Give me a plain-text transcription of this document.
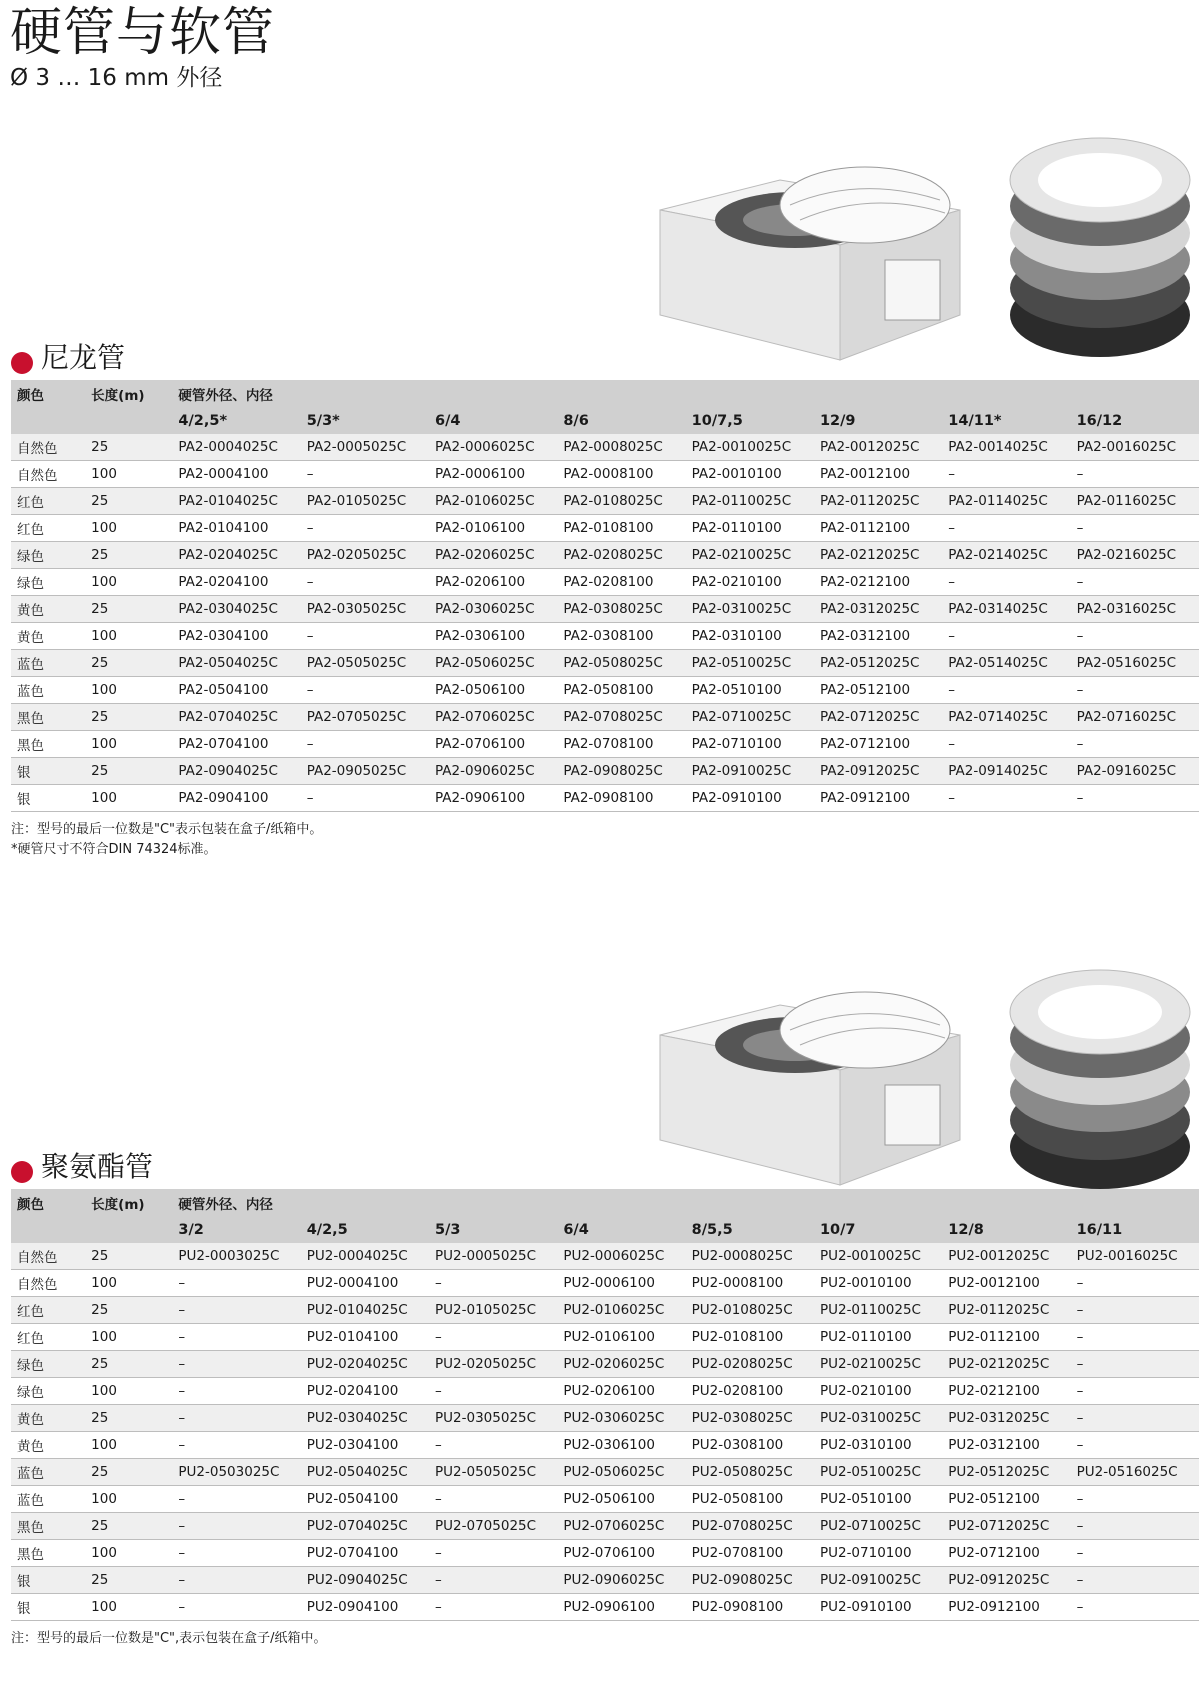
硬管与软管
Ø 3 … 16 mm 外径
尼龙管
颜色	长度(m)	硬管外径、内径							
		4/2,5*	5/3*	6/4	8/6	10/7,5	12/9	14/11*	16/12
自然色	25	PA2-0004025C	PA2-0005025C	PA2-0006025C	PA2-0008025C	PA2-0010025C	PA2-0012025C	PA2-0014025C	PA2-0016025C
自然色	100	PA2-0004100	–	PA2-0006100	PA2-0008100	PA2-0010100	PA2-0012100	–	–
红色	25	PA2-0104025C	PA2-0105025C	PA2-0106025C	PA2-0108025C	PA2-0110025C	PA2-0112025C	PA2-0114025C	PA2-0116025C
红色	100	PA2-0104100	–	PA2-0106100	PA2-0108100	PA2-0110100	PA2-0112100	–	–
绿色	25	PA2-0204025C	PA2-0205025C	PA2-0206025C	PA2-0208025C	PA2-0210025C	PA2-0212025C	PA2-0214025C	PA2-0216025C
绿色	100	PA2-0204100	–	PA2-0206100	PA2-0208100	PA2-0210100	PA2-0212100	–	–
黄色	25	PA2-0304025C	PA2-0305025C	PA2-0306025C	PA2-0308025C	PA2-0310025C	PA2-0312025C	PA2-0314025C	PA2-0316025C
黄色	100	PA2-0304100	–	PA2-0306100	PA2-0308100	PA2-0310100	PA2-0312100	–	–
蓝色	25	PA2-0504025C	PA2-0505025C	PA2-0506025C	PA2-0508025C	PA2-0510025C	PA2-0512025C	PA2-0514025C	PA2-0516025C
蓝色	100	PA2-0504100	–	PA2-0506100	PA2-0508100	PA2-0510100	PA2-0512100	–	–
黑色	25	PA2-0704025C	PA2-0705025C	PA2-0706025C	PA2-0708025C	PA2-0710025C	PA2-0712025C	PA2-0714025C	PA2-0716025C
黑色	100	PA2-0704100	–	PA2-0706100	PA2-0708100	PA2-0710100	PA2-0712100	–	–
银	25	PA2-0904025C	PA2-0905025C	PA2-0906025C	PA2-0908025C	PA2-0910025C	PA2-0912025C	PA2-0914025C	PA2-0916025C
银	100	PA2-0904100	–	PA2-0906100	PA2-0908100	PA2-0910100	PA2-0912100	–	–
注：型号的最后一位数是"C"表示包装在盒子/纸箱中。
*硬管尺寸不符合DIN 74324标准。
聚氨酯管
颜色	长度(m)	硬管外径、内径							
		3/2	4/2,5	5/3	6/4	8/5,5	10/7	12/8	16/11
自然色	25	PU2-0003025C	PU2-0004025C	PU2-0005025C	PU2-0006025C	PU2-0008025C	PU2-0010025C	PU2-0012025C	PU2-0016025C
自然色	100	–	PU2-0004100	–	PU2-0006100	PU2-0008100	PU2-0010100	PU2-0012100	–
红色	25	–	PU2-0104025C	PU2-0105025C	PU2-0106025C	PU2-0108025C	PU2-0110025C	PU2-0112025C	–
红色	100	–	PU2-0104100	–	PU2-0106100	PU2-0108100	PU2-0110100	PU2-0112100	–
绿色	25	–	PU2-0204025C	PU2-0205025C	PU2-0206025C	PU2-0208025C	PU2-0210025C	PU2-0212025C	–
绿色	100	–	PU2-0204100	–	PU2-0206100	PU2-0208100	PU2-0210100	PU2-0212100	–
黄色	25	–	PU2-0304025C	PU2-0305025C	PU2-0306025C	PU2-0308025C	PU2-0310025C	PU2-0312025C	–
黄色	100	–	PU2-0304100	–	PU2-0306100	PU2-0308100	PU2-0310100	PU2-0312100	–
蓝色	25	PU2-0503025C	PU2-0504025C	PU2-0505025C	PU2-0506025C	PU2-0508025C	PU2-0510025C	PU2-0512025C	PU2-0516025C
蓝色	100	–	PU2-0504100	–	PU2-0506100	PU2-0508100	PU2-0510100	PU2-0512100	–
黑色	25	–	PU2-0704025C	PU2-0705025C	PU2-0706025C	PU2-0708025C	PU2-0710025C	PU2-0712025C	–
黑色	100	–	PU2-0704100	–	PU2-0706100	PU2-0708100	PU2-0710100	PU2-0712100	–
银	25	–	PU2-0904025C	–	PU2-0906025C	PU2-0908025C	PU2-0910025C	PU2-0912025C	–
银	100	–	PU2-0904100	–	PU2-0906100	PU2-0908100	PU2-0910100	PU2-0912100	–
注：型号的最后一位数是"C",表示包装在盒子/纸箱中。
